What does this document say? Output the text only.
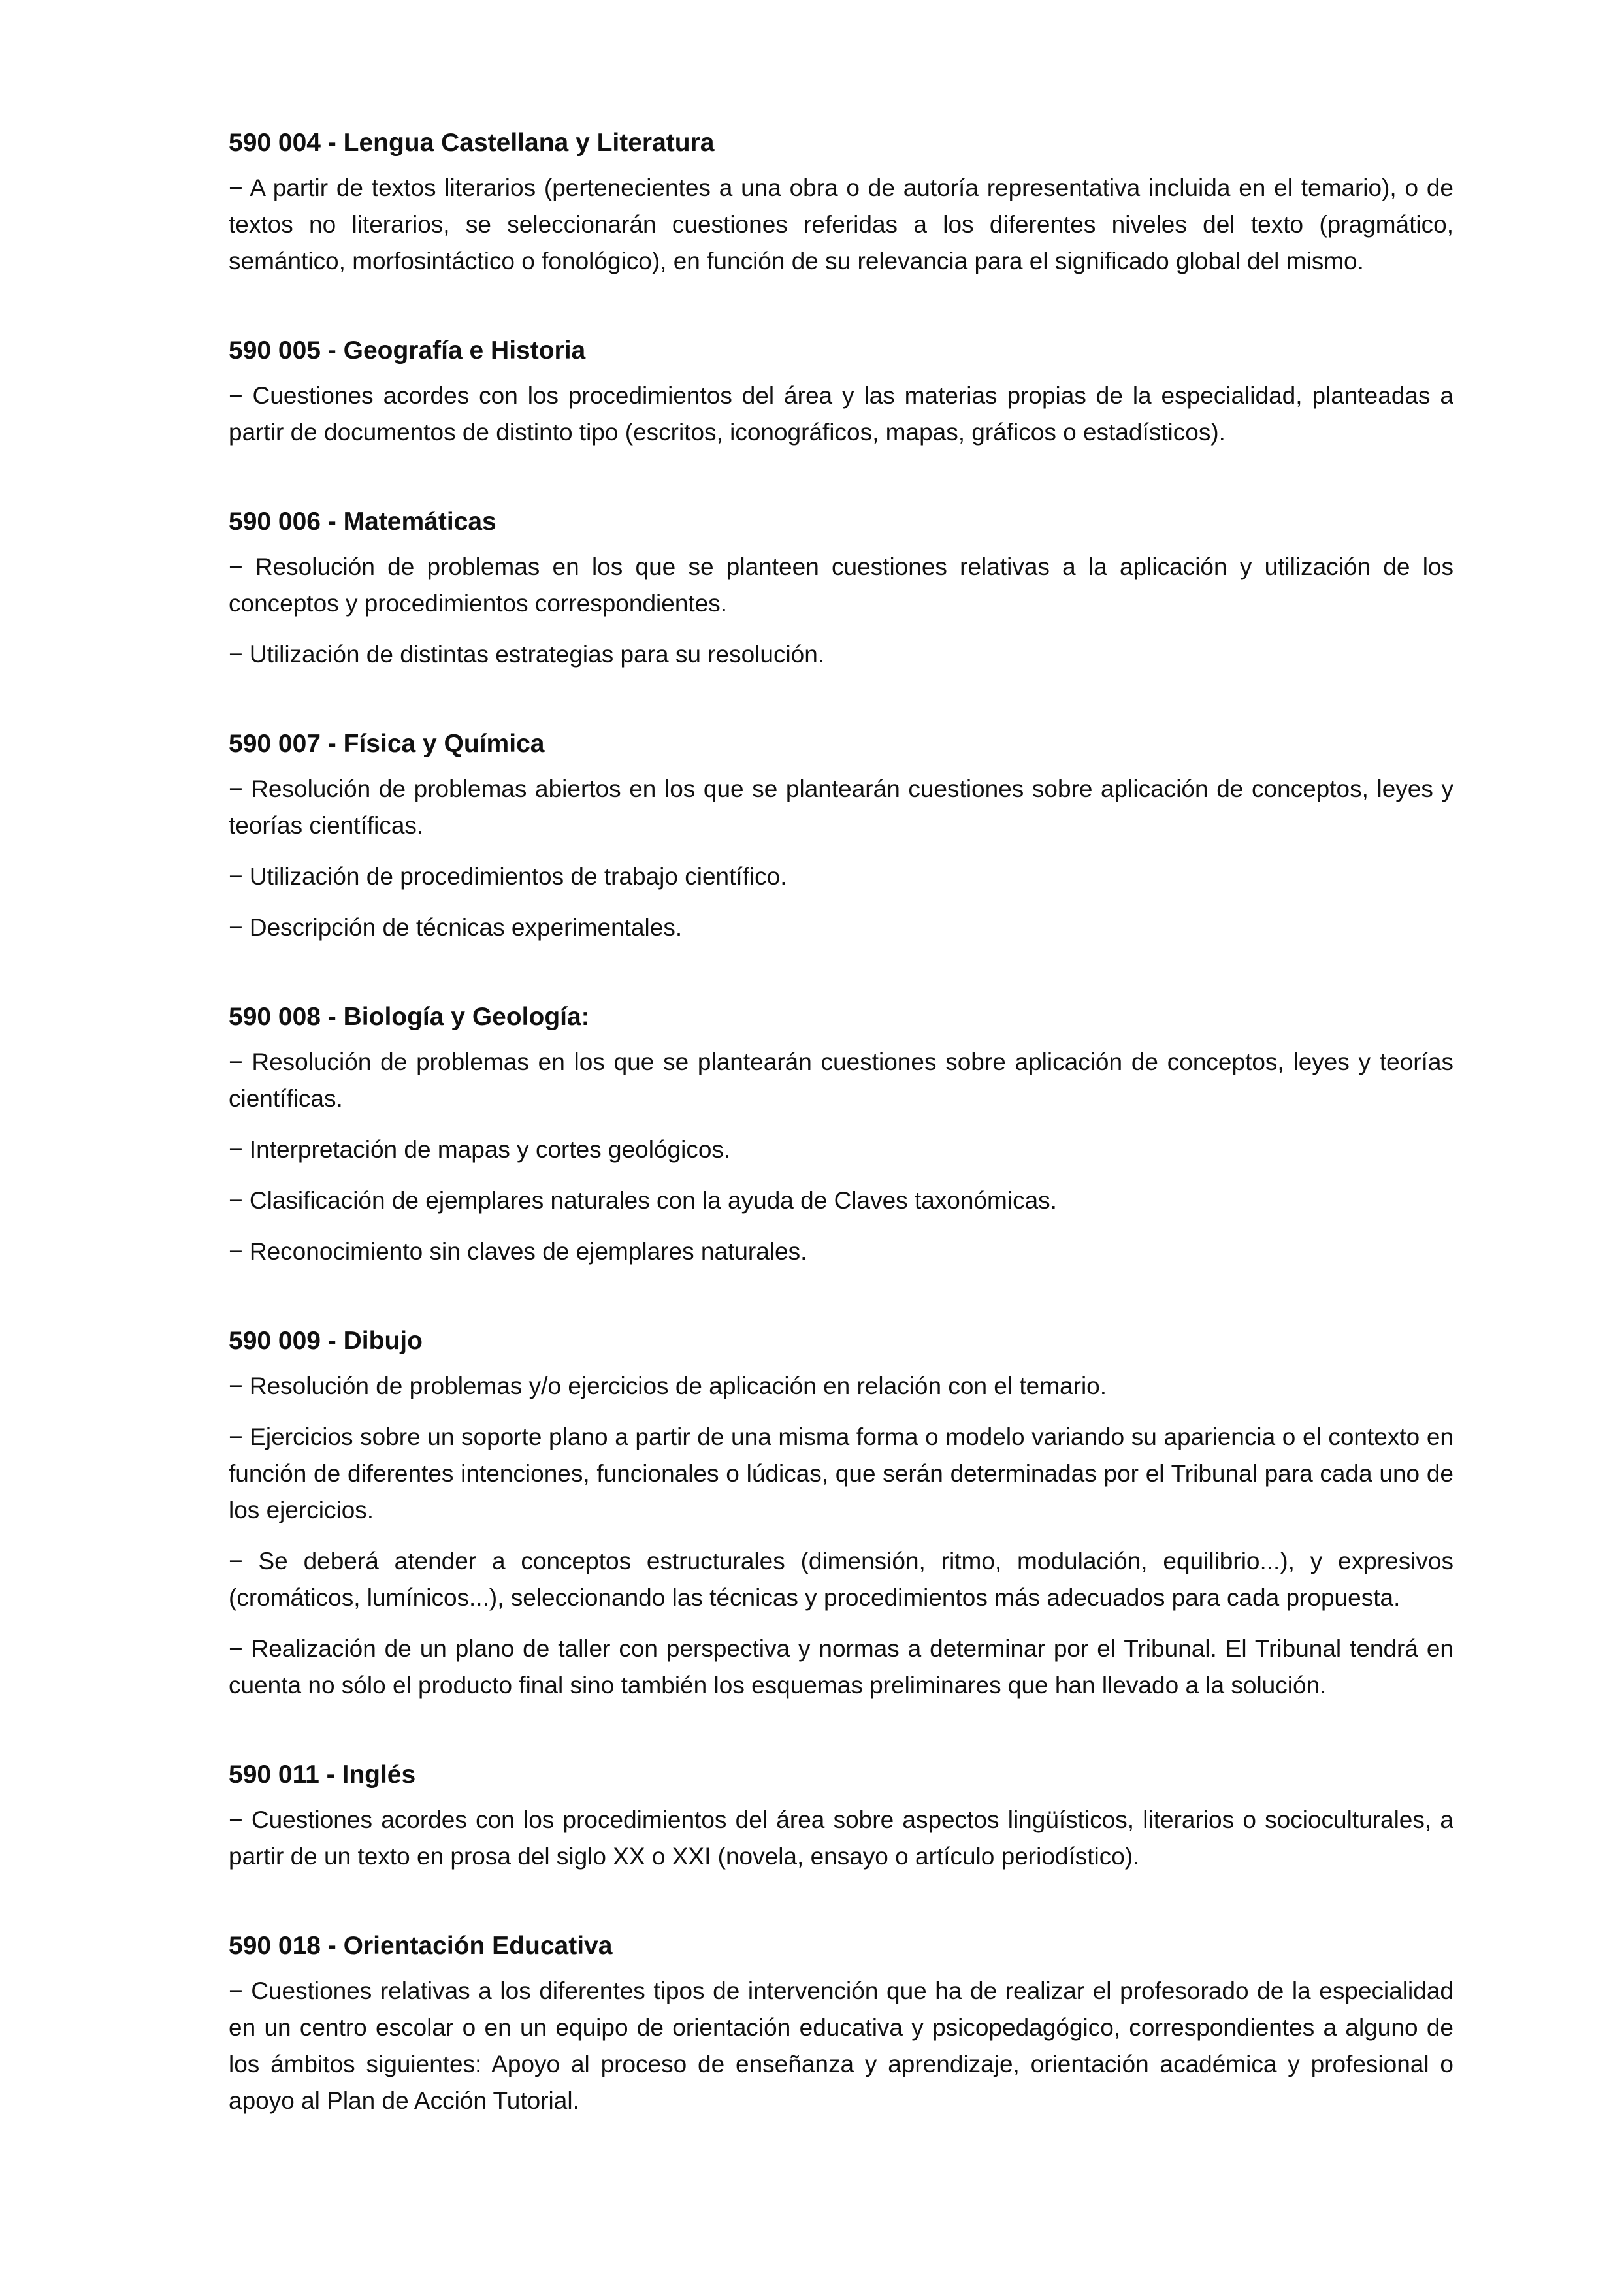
590 004 - Lengua Castellana y Literatura
− A partir de textos literarios (pertenecientes a una obra o de autoría representativa incluida en el temario), o de textos no literarios, se seleccionarán cuestiones referidas a los diferentes niveles del texto (pragmático, semántico, morfosintáctico o fonológico), en función de su relevancia para el significado global del mismo.
590 005 - Geografía e Historia
− Cuestiones acordes con los procedimientos del área y las materias propias de la especialidad, planteadas a partir de documentos de distinto tipo (escritos, iconográficos, mapas, gráficos o estadísticos).
590 006 - Matemáticas
− Resolución de problemas en los que se planteen cuestiones relativas a la aplicación y utilización de los conceptos y procedimientos correspondientes.
− Utilización de distintas estrategias para su resolución.
590 007 - Física y Química
− Resolución de problemas abiertos en los que se plantearán cuestiones sobre aplicación de conceptos, leyes y teorías científicas.
− Utilización de procedimientos de trabajo científico.
− Descripción de técnicas experimentales.
590 008 - Biología y Geología:
− Resolución de problemas en los que se plantearán cuestiones sobre aplicación de conceptos, leyes y teorías científicas.
− Interpretación de mapas y cortes geológicos.
− Clasificación de ejemplares naturales con la ayuda de Claves taxonómicas.
− Reconocimiento sin claves de ejemplares naturales.
590 009 - Dibujo
− Resolución de problemas y/o ejercicios de aplicación en relación con el temario.
− Ejercicios sobre un soporte plano a partir de una misma forma o modelo variando su apariencia o el contexto en función de diferentes intenciones, funcionales o lúdicas, que serán determinadas por el Tribunal para cada uno de los ejercicios.
− Se deberá atender a conceptos estructurales (dimensión, ritmo, modulación, equilibrio...), y expresivos (cromáticos, lumínicos...), seleccionando las técnicas y procedimientos más adecuados para cada propuesta.
− Realización de un plano de taller con perspectiva y normas a determinar por el Tribunal. El Tribunal tendrá en cuenta no sólo el producto final sino también los esquemas preliminares que han llevado a la solución.
590 011 - Inglés
− Cuestiones acordes con los procedimientos del área sobre aspectos lingüísticos, literarios o socioculturales, a partir de un texto en prosa del siglo XX o XXI (novela, ensayo o artículo periodístico).
590 018 - Orientación Educativa
− Cuestiones relativas a los diferentes tipos de intervención que ha de realizar el profesorado de la especialidad en un centro escolar o en un equipo de orientación educativa y psicopedagógico, correspondientes a alguno de los ámbitos siguientes: Apoyo al proceso de enseñanza y aprendizaje, orientación académica y profesional o apoyo al Plan de Acción Tutorial.
